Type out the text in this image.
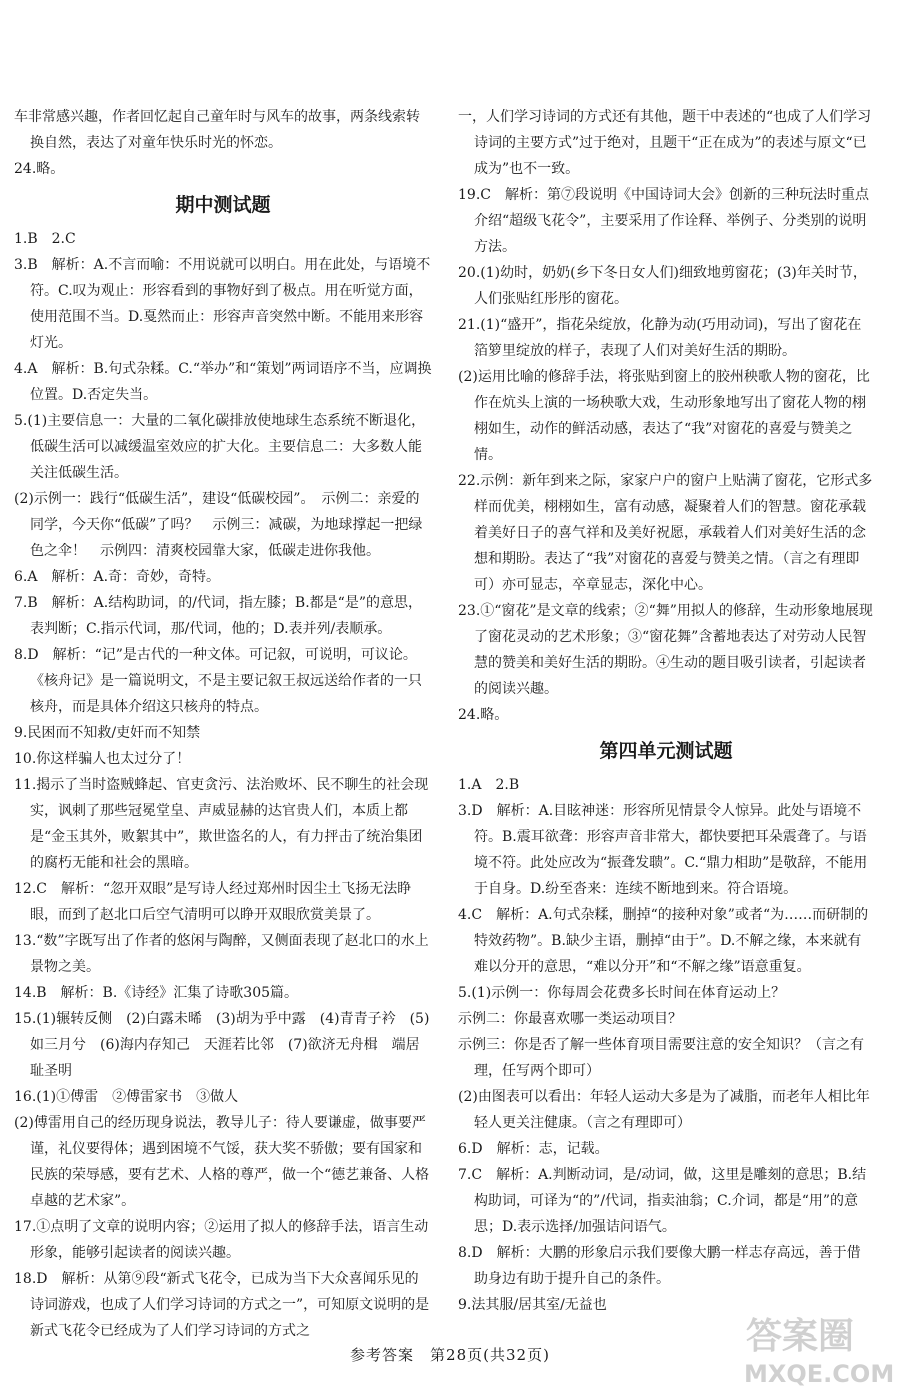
车非常感兴趣，作者回忆起自己童年时与风车的故事，两条线索转换自然，表达了对童年快乐时光的怀恋。

24.略。

期中测试题

1.B　2.C

3.B　解析：A.不言而喻：不用说就可以明白。用在此处，与语境不符。C.叹为观止：形容看到的事物好到了极点。用在听觉方面，使用范围不当。D.戛然而止：形容声音突然中断。不能用来形容灯光。

4.A　解析：B.句式杂糅。C.“举办”和“策划”两词语序不当，应调换位置。D.否定失当。

5.(1)主要信息一：大量的二氧化碳排放使地球生态系统不断退化，低碳生活可以减缓温室效应的扩大化。主要信息二：大多数人能关注低碳生活。

(2)示例一：践行“低碳生活”，建设“低碳校园”。　示例二：亲爱的同学，今天你“低碳”了吗？　示例三：减碳，为地球撑起一把绿色之伞！　示例四：清爽校园靠大家，低碳走进你我他。

6.A　解析：A.奇：奇妙，奇特。

7.B　解析：A.结构助词，的/代词，指左膝；B.都是“是”的意思，表判断；C.指示代词，那/代词，他的；D.表并列/表顺承。

8.D　解析：“记”是古代的一种文体。可记叙，可说明，可议论。《核舟记》是一篇说明文，不是主要记叙王叔远送给作者的一只核舟，而是具体介绍这只核舟的特点。

9.民困而不知救/吏奸而不知禁

10.你这样骗人也太过分了！

11.揭示了当时盗贼蜂起、官吏贪污、法治败坏、民不聊生的社会现实，讽刺了那些冠冕堂皇、声威显赫的达官贵人们，本质上都是“金玉其外，败絮其中”，欺世盗名的人，有力抨击了统治集团的腐朽无能和社会的黑暗。

12.C　解析：“忽开双眼”是写诗人经过郑州时因尘土飞扬无法睁眼，而到了赵北口后空气清明可以睁开双眼欣赏美景了。

13.“数”字既写出了作者的悠闲与陶醉，又侧面表现了赵北口的水上景物之美。

14.B　解析：B.《诗经》汇集了诗歌305篇。

15.(1)辗转反侧　(2)白露未晞　(3)胡为乎中露　(4)青青子衿　(5)如三月兮　(6)海内存知己　天涯若比邻　(7)欲济无舟楫　端居耻圣明

16.(1)①傅雷　②傅雷家书　③做人

(2)傅雷用自己的经历现身说法，教导儿子：待人要谦虚，做事要严谨，礼仪要得体；遇到困境不气馁，获大奖不骄傲；要有国家和民族的荣辱感，要有艺术、人格的尊严，做一个“德艺兼备、人格卓越的艺术家”。

17.①点明了文章的说明内容；②运用了拟人的修辞手法，语言生动形象，能够引起读者的阅读兴趣。

18.D　解析：从第⑨段“新式飞花令，已成为当下大众喜闻乐见的诗词游戏，也成了人们学习诗词的方式之一”，可知原文说明的是新式飞花令已经成为了人们学习诗词的方式之

一，人们学习诗词的方式还有其他，题干中表述的“也成了人们学习诗词的主要方式”过于绝对，且题干“正在成为”的表述与原文“已成为”也不一致。

19.C　解析：第⑦段说明《中国诗词大会》创新的三种玩法时重点介绍“超级飞花令”，主要采用了作诠释、举例子、分类别的说明方法。

20.(1)幼时，奶奶(乡下冬日女人们)细致地剪窗花；(3)年关时节，人们张贴红彤彤的窗花。

21.(1)“盛开”，指花朵绽放，化静为动(巧用动词)，写出了窗花在箔箩里绽放的样子，表现了人们对美好生活的期盼。

(2)运用比喻的修辞手法，将张贴到窗上的胶州秧歌人物的窗花，比作在炕头上演的一场秧歌大戏，生动形象地写出了窗花人物的栩栩如生，动作的鲜活动感，表达了“我”对窗花的喜爱与赞美之情。

22.示例：新年到来之际，家家户户的窗户上贴满了窗花，它形式多样而优美，栩栩如生，富有动感，凝聚着人们的智慧。窗花承载着美好日子的喜气祥和及美好祝愿，承载着人们对美好生活的念想和期盼。表达了“我”对窗花的喜爱与赞美之情。（言之有理即可）亦可显志，卒章显志，深化中心。

23.①“窗花”是文章的线索；②“舞”用拟人的修辞，生动形象地展现了窗花灵动的艺术形象；③“窗花舞”含蓄地表达了对劳动人民智慧的赞美和美好生活的期盼。④生动的题目吸引读者，引起读者的阅读兴趣。

24.略。

第四单元测试题

1.A　2.B

3.D　解析：A.目眩神迷：形容所见情景令人惊异。此处与语境不符。B.震耳欲聋：形容声音非常大，都快要把耳朵震聋了。与语境不符。此处应改为“振聋发聩”。C.“鼎力相助”是敬辞，不能用于自身。D.纷至沓来：连续不断地到来。符合语境。

4.C　解析：A.句式杂糅，删掉“的接种对象”或者“为……而研制的特效药物”。B.缺少主语，删掉“由于”。D.不解之缘，本来就有难以分开的意思，“难以分开”和“不解之缘”语意重复。

5.(1)示例一：你每周会花费多长时间在体育运动上？

示例二：你最喜欢哪一类运动项目？

示例三：你是否了解一些体育项目需要注意的安全知识？（言之有理，任写两个即可）

(2)由图表可以看出：年轻人运动大多是为了减脂，而老年人相比年轻人更关注健康。（言之有理即可）

6.D　解析：志，记载。

7.C　解析：A.判断动词，是/动词，做，这里是雕刻的意思；B.结构助词，可译为“的”/代词，指卖油翁；C.介词，都是“用”的意思；D.表示选择/加强诘问语气。

8.D　解析：大鹏的形象启示我们要像大鹏一样志存高远，善于借助身边有助于提升自己的条件。

9.法其服/居其室/无益也

参考答案　第28页(共32页)	答案圈
MXQE.COM
